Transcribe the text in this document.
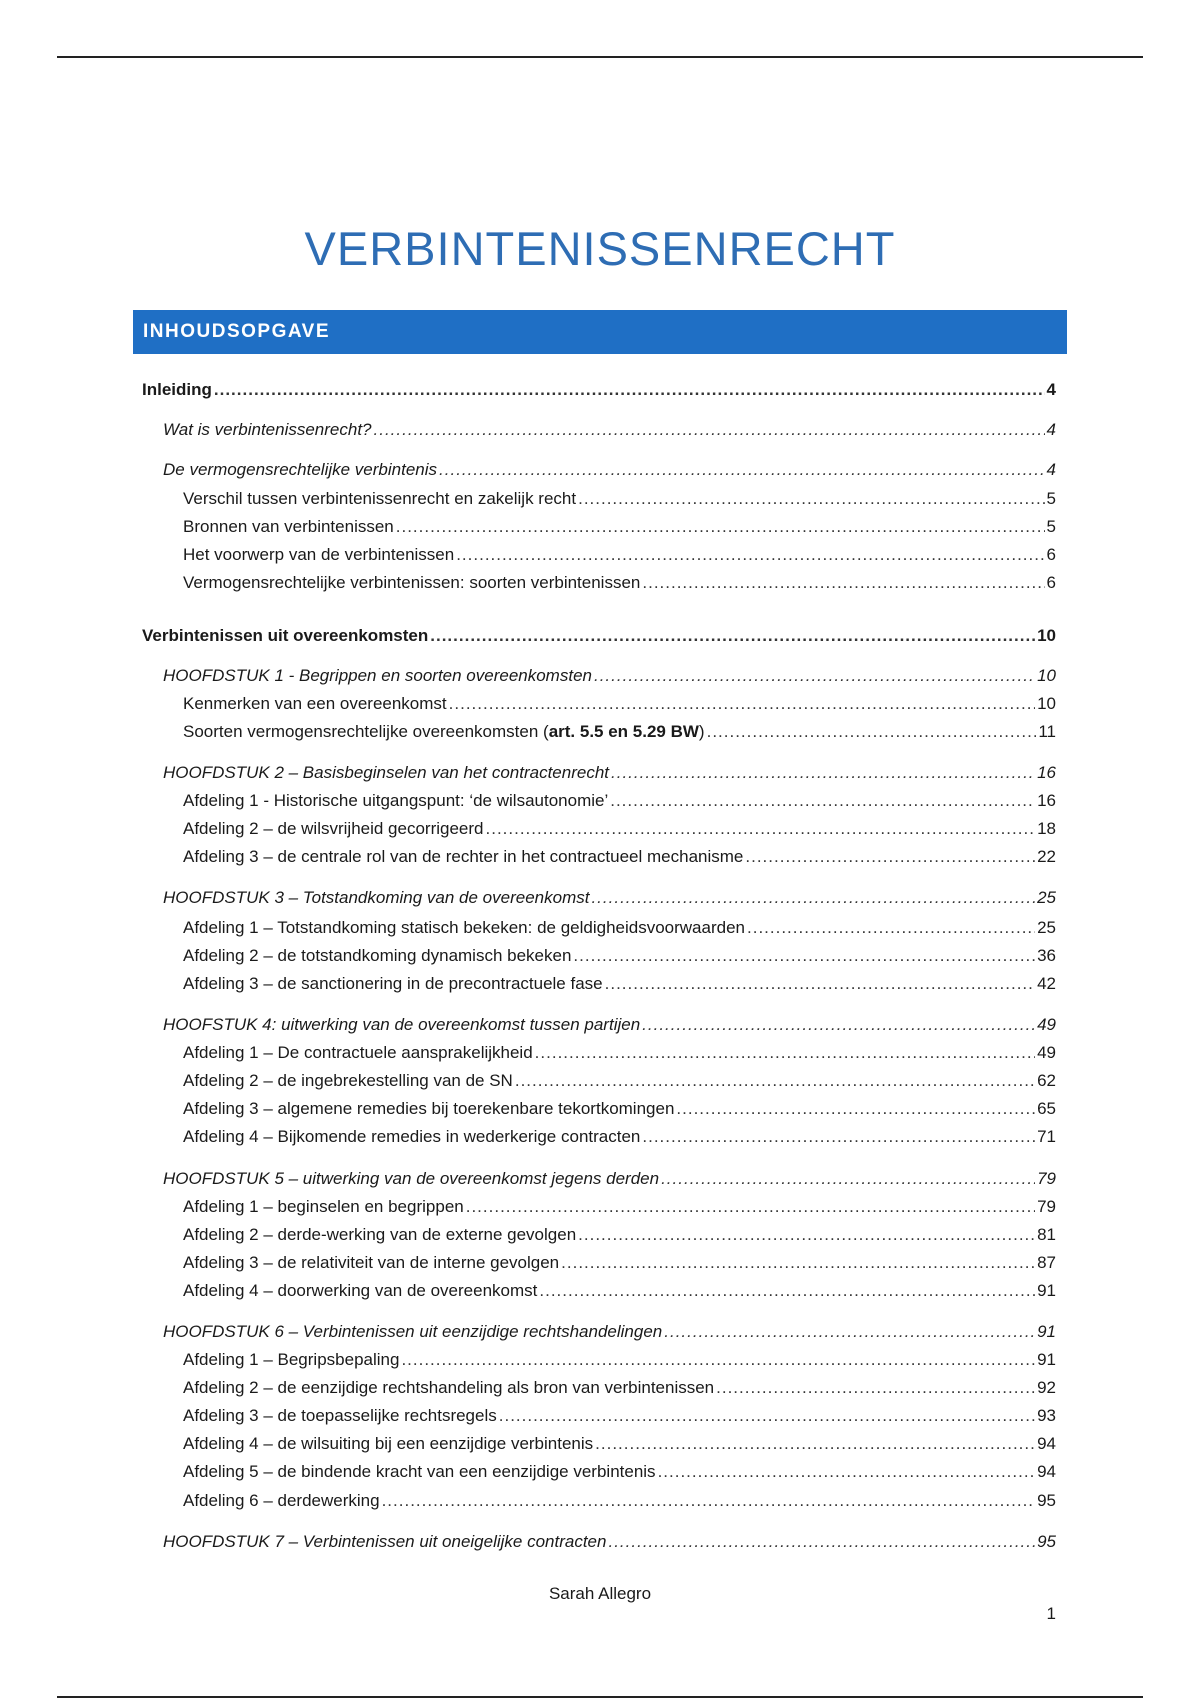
VERBINTENISSENRECHT
INHOUDSOPGAVE
Inleiding .....	4
Wat is verbintenissenrecht? .....	4
De vermogensrechtelijke verbintenis .....	4
Verschil tussen verbintenissenrecht en zakelijk recht .....	5
Bronnen van verbintenissen .....	5
Het voorwerp van de verbintenissen .....	6
Vermogensrechtelijke verbintenissen: soorten verbintenissen .....	6
Verbintenissen uit overeenkomsten .....	10
HOOFDSTUK 1 - Begrippen en soorten overeenkomsten .....	10
Kenmerken van een overeenkomst .....	10
Soorten vermogensrechtelijke overeenkomsten (art. 5.5 en 5.29 BW) .....	11
HOOFDSTUK 2 – Basisbeginselen van het contractenrecht .....	16
Afdeling 1 - Historische uitgangspunt: ‘de wilsautonomie’ .....	16
Afdeling 2 – de wilsvrijheid gecorrigeerd .....	18
Afdeling 3 – de centrale rol van de rechter in het contractueel mechanisme .....	22
HOOFDSTUK 3 – Totstandkoming van de overeenkomst .....	25
Afdeling 1 – Totstandkoming statisch bekeken: de geldigheidsvoorwaarden .....	25
Afdeling 2 – de totstandkoming dynamisch bekeken .....	36
Afdeling 3 – de sanctionering in de precontractuele fase .....	42
HOOFSTUK 4: uitwerking van de overeenkomst tussen partijen .....	49
Afdeling 1 – De contractuele aansprakelijkheid .....	49
Afdeling 2 – de ingebrekestelling van de SN .....	62
Afdeling 3 – algemene remedies bij toerekenbare tekortkomingen .....	65
Afdeling 4 – Bijkomende remedies in wederkerige contracten .....	71
HOOFDSTUK 5 – uitwerking van de overeenkomst jegens derden .....	79
Afdeling 1 – beginselen en begrippen .....	79
Afdeling 2 – derde-werking van de externe gevolgen .....	81
Afdeling 3 – de relativiteit van de interne gevolgen .....	87
Afdeling 4 – doorwerking van de overeenkomst .....	91
HOOFDSTUK 6 – Verbintenissen uit eenzijdige rechtshandelingen .....	91
Afdeling 1 – Begripsbepaling .....	91
Afdeling 2 – de eenzijdige rechtshandeling als bron van verbintenissen .....	92
Afdeling 3 – de toepasselijke rechtsregels .....	93
Afdeling 4 – de wilsuiting bij een eenzijdige verbintenis .....	94
Afdeling 5 – de bindende kracht van een eenzijdige verbintenis .....	94
Afdeling 6 – derdewerking .....	95
HOOFDSTUK 7 – Verbintenissen uit oneigelijke contracten .....	95
Sarah Allegro
1
